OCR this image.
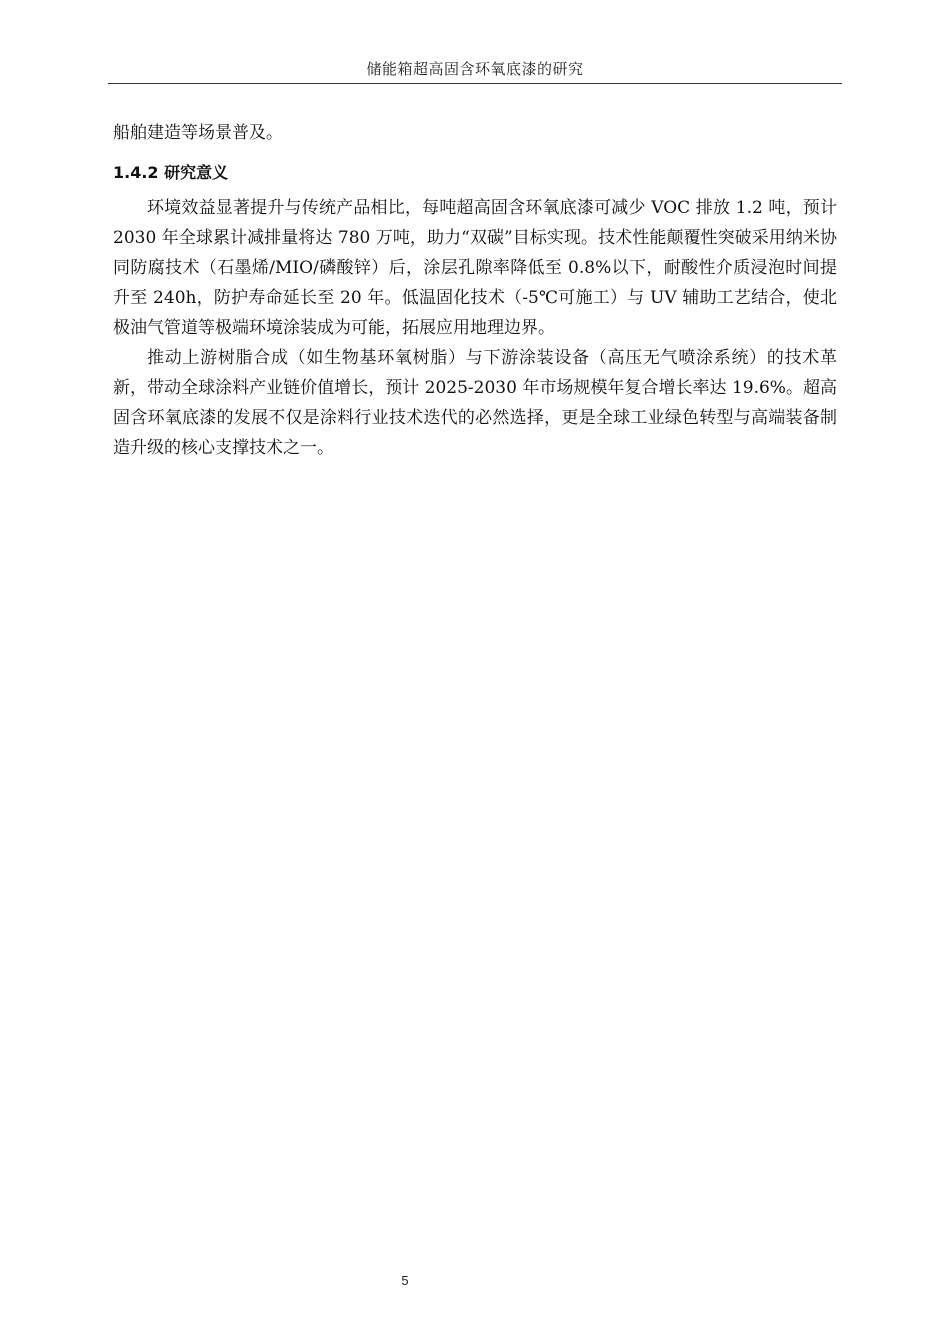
储能箱超高固含环氧底漆的研究

船舶建造等场景普及。

1.4.2 研究意义

环境效益显著提升与传统产品相比，每吨超高固含环氧底漆可减少 VOC 排放 1.2 吨，预计 2030 年全球累计减排量将达 780 万吨，助力“双碳”目标实现。技术性能颠覆性突破采用纳米协同防腐技术（石墨烯/MIO/磷酸锌）后，涂层孔隙率降低至 0.8%以下，耐酸性介质浸泡时间提升至 240h，防护寿命延长至 20 年。低温固化技术（-5℃可施工）与 UV 辅助工艺结合，使北极油气管道等极端环境涂装成为可能，拓展应用地理边界。

推动上游树脂合成（如生物基环氧树脂）与下游涂装设备（高压无气喷涂系统）的技术革新，带动全球涂料产业链价值增长，预计 2025-2030 年市场规模年复合增长率达 19.6%。超高固含环氧底漆的发展不仅是涂料行业技术迭代的必然选择，更是全球工业绿色转型与高端装备制造升级的核心支撑技术之一。

5
